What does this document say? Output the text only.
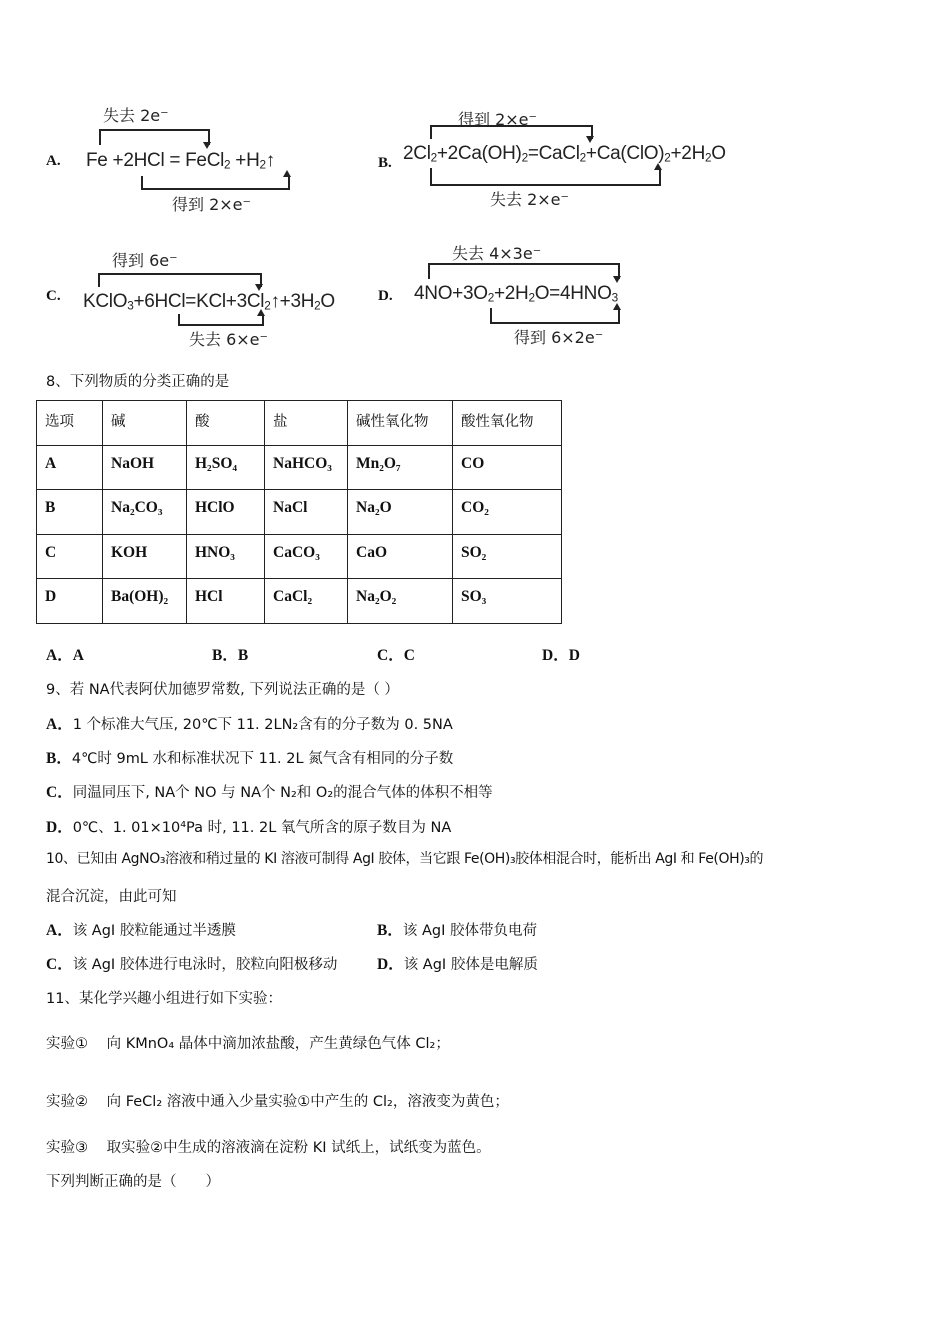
A.
失去 2e⁻
Fe +2HCl = FeCl$_2$ $+H_2↑$
得到 2×e⁻
B.
得到 2×e⁻
$2Cl_2+2Ca(OH)_2=CaCl_2+Ca(ClO)_2+2H_2O$
失去 2×e⁻
C.
得到 6e⁻
$KClO_3+6HCl=KCl+3Cl_2↑+3H_2O$
失去 6×e⁻
D.
失去 4×3e⁻
$4NO+3O_2+2H_2O=4HNO_3$
得到 6×2e⁻
8、下列物质的分类正确的是
选项	碱	酸	盐	碱性氧化物	酸性氧化物
A	NaOH	H₂SO₄	NaHCO₃	Mn₂O₇	CO
B	Na₂CO₃	HClO	NaCl	Na₂O	CO₂
C	KOH	HNO₃	CaCO₃	CaO	SO₂
D	Ba(OH)₂	HCl	CaCl₂	Na₂O₂	SO₃
A．A	B．B	C．C	D．D
9、若 NA代表阿伏加德罗常数, 下列说法正确的是（ ）
A．1 个标准大气压, 20℃下 11. 2LN₂含有的分子数为 0. 5NA
B．4℃时 9mL 水和标准状况下 11. 2L 氮气含有相同的分子数
C．同温同压下, NA个 NO 与 NA个 N₂和 O₂的混合气体的体积不相等
D．0℃、1. 01×10⁴Pa 时, 11. 2L 氧气所含的原子数目为 NA
10、已知由 AgNO₃溶液和稍过量的 KI 溶液可制得 AgI 胶体，当它跟 Fe(OH)₃胶体相混合时，能析出 AgI 和 Fe(OH)₃的
混合沉淀，由此可知
A．该 AgI 胶粒能通过半透膜	B．该 AgI 胶体带负电荷
C．该 AgI 胶体进行电泳时，胶粒向阳极移动	D．该 AgI 胶体是电解质
11、某化学兴趣小组进行如下实验：
实验① 向 KMnO₄ 晶体中滴加浓盐酸，产生黄绿色气体 Cl₂；
实验② 向 FeCl₂ 溶液中通入少量实验①中产生的 Cl₂，溶液变为黄色；
实验③ 取实验②中生成的溶液滴在淀粉 KI 试纸上，试纸变为蓝色。
下列判断正确的是（　　）
